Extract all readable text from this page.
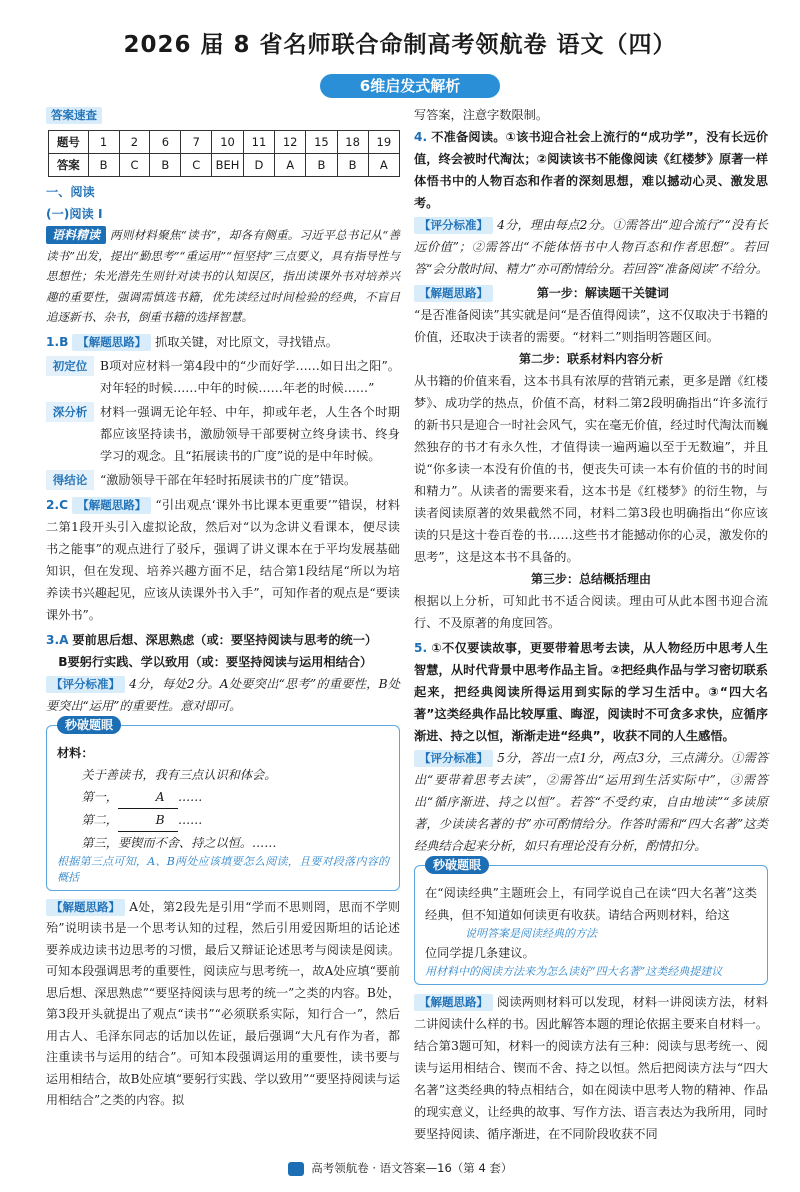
2026 届 8 省名师联合命制高考领航卷 语文（四）
6维启发式解析
答案速查
题号	1	2	6	7	10	11	12	15	18	19
答案	B	C	B	C	BEH	D	A	B	B	A

一、阅读

(一)阅读 Ⅰ

语料精读 两则材料聚焦“读书”，却各有侧重。习近平总书记从“善读书”出发，提出“勤思考”“重运用”“恒坚持”三点要义，具有指导性与思想性；朱光潜先生则针对读书的认知误区，指出读课外书对培养兴趣的重要性，强调需慎选书籍，优先读经过时间检验的经典，不盲目追逐新书、杂书，倒重书籍的选择智慧。

1.B 【解题思路】 抓取关键，对比原文，寻找错点。

初定位	B项对应材料一第4段中的“少而好学……如日出之阳”。对年轻的时候……中年的时候……年老的时候……”

深分析	材料一强调无论年轻、中年，抑或年老，人生各个时期都应该坚持读书，激励领导干部要树立终身读书、终身学习的观念。且“拓展读书的广度”说的是中年时候。

得结论	“激励领导干部在年轻时拓展读书的广度”错误。

2.C 【解题思路】 “引出观点‘课外书比课本更重要’”错误，材料二第1段开头引入虚拟论敌，然后对“以为念讲义看课本，便尽读书之能事”的观点进行了驳斥，强调了讲义课本在于平均发展基础知识，但在发现、培养兴趣方面不足，结合第1段结尾“所以为培养读书兴趣起见，应该从读课外书入手”，可知作者的观点是“要读课外书”。

3.A 要前思后想、深思熟虑（或：要坚持阅读与思考的统一）

B要躬行实践、学以致用（或：要坚持阅读与运用相结合）

【评分标准】 4分，每处2分。A处要突出“思考”的重要性，B处要突出“运用”的重要性。意对即可。

秒破题眼

材料：

关于善读书，我有三点认识和体会。

第一，	A ……

第二，	B ……

第三，要锲而不舍、持之以恒。……

根据第三点可知，A、B两处应该填要怎么阅读，且要对段落内容的概括

【解题思路】 A处，第2段先是引用“学而不思则罔，思而不学则殆”说明读书是一个思考认知的过程，然后引用爱因斯坦的话论述要养成边读书边思考的习惯，最后又辩证论述思考与阅读是阅读。可知本段强调思考的重要性，阅读应与思考统一，故A处应填“要前思后想、深思熟虑”“要坚持阅读与思考的统一”之类的内容。B处，第3段开头就提出了观点“读书”“必须联系实际，知行合一”，然后用古人、毛泽东同志的话加以佐证，最后强调“大凡有作为者，都注重读书与运用的结合”。可知本段强调运用的重要性，读书要与运用相结合，故B处应填“要躬行实践、学以致用”“要坚持阅读与运用相结合”之类的内容。拟

写答案，注意字数限制。

4. 不准备阅读。①该书迎合社会上流行的“成功学”，没有长远价值，终会被时代淘汰；②阅读该书不能像阅读《红楼梦》原著一样体悟书中的人物百态和作者的深刻思想，难以撼动心灵、激发思考。

【评分标准】 4分，理由每点2分。①需答出“迎合流行”“没有长远价值”；②需答出“不能体悟书中人物百态和作者思想”。若回答“会分散时间、精力”亦可酌情给分。若回答“准备阅读”不给分。

【解题思路】	第一步：解读题干关键词

“是否准备阅读”其实就是问“是否值得阅读”，这不仅取决于书籍的价值，还取决于读者的需要。“材料二”则指明答题区间。

第二步：联系材料内容分析

从书籍的价值来看，这本书具有浓厚的营销元素，更多是蹭《红楼梦》、成功学的热点，价值不高，材料二第2段明确指出“许多流行的新书只是迎合一时社会风气，实在毫无价值，经过时代淘汰而巍然独存的书才有永久性，才值得读一遍两遍以至于无数遍”，并且说“你多读一本没有价值的书，便丧失可读一本有价值的书的时间和精力”。从读者的需要来看，这本书是《红楼梦》的衍生物，与读者阅读原著的效果截然不同，材料二第3段也明确指出“你应该读的只是这十卷百卷的书……这些书才能撼动你的心灵，激发你的思考”，这是这本书不具备的。

第三步：总结概括理由

根据以上分析，可知此书不适合阅读。理由可从此本图书迎合流行、不及原著的角度回答。

5. ①不仅要读故事，更要带着思考去读，从人物经历中思考人生智慧，从时代背景中思考作品主旨。②把经典作品与学习密切联系起来，把经典阅读所得运用到实际的学习生活中。③“四大名著”这类经典作品比较厚重、晦涩，阅读时不可贪多求快，应循序渐进、持之以恒，渐渐走进“经典”，收获不同的人生感悟。

【评分标准】 5分，答出一点1分，两点3分，三点满分。①需答出“要带着思考去读”，②需答出“运用到生活实际中”，③需答出“循序渐进、持之以恒”。若答“不受约束，自由地读”“多读原著，少读读名著的书”亦可酌情给分。作答时需和“四大名著”这类经典结合起来分析，如只有理论没有分析，酌情扣分。

秒破题眼

在“阅读经典”主题班会上，有同学说自己在读“四大名著”这类经典，但不知道如何读更有收获。请结合两则材料，给这

说明答案是阅读经典的方法

位同学提几条建议。

用材料中的阅读方法来为怎么读好“四大名著”这类经典提建议

【解题思路】 阅读两则材料可以发现，材料一讲阅读方法，材料二讲阅读什么样的书。因此解答本题的理论依据主要来自材料一。结合第3题可知，材料一的阅读方法有三种：阅读与思考统一、阅读与运用相结合、锲而不舍、持之以恒。然后把阅读方法与“四大名著”这类经典的特点相结合，如在阅读中思考人物的精神、作品的现实意义，让经典的故事、写作方法、语言表达为我所用，同时要坚持阅读、循序渐进，在不同阶段收获不同

高考领航卷 · 语文答案—16（第 4 套）
